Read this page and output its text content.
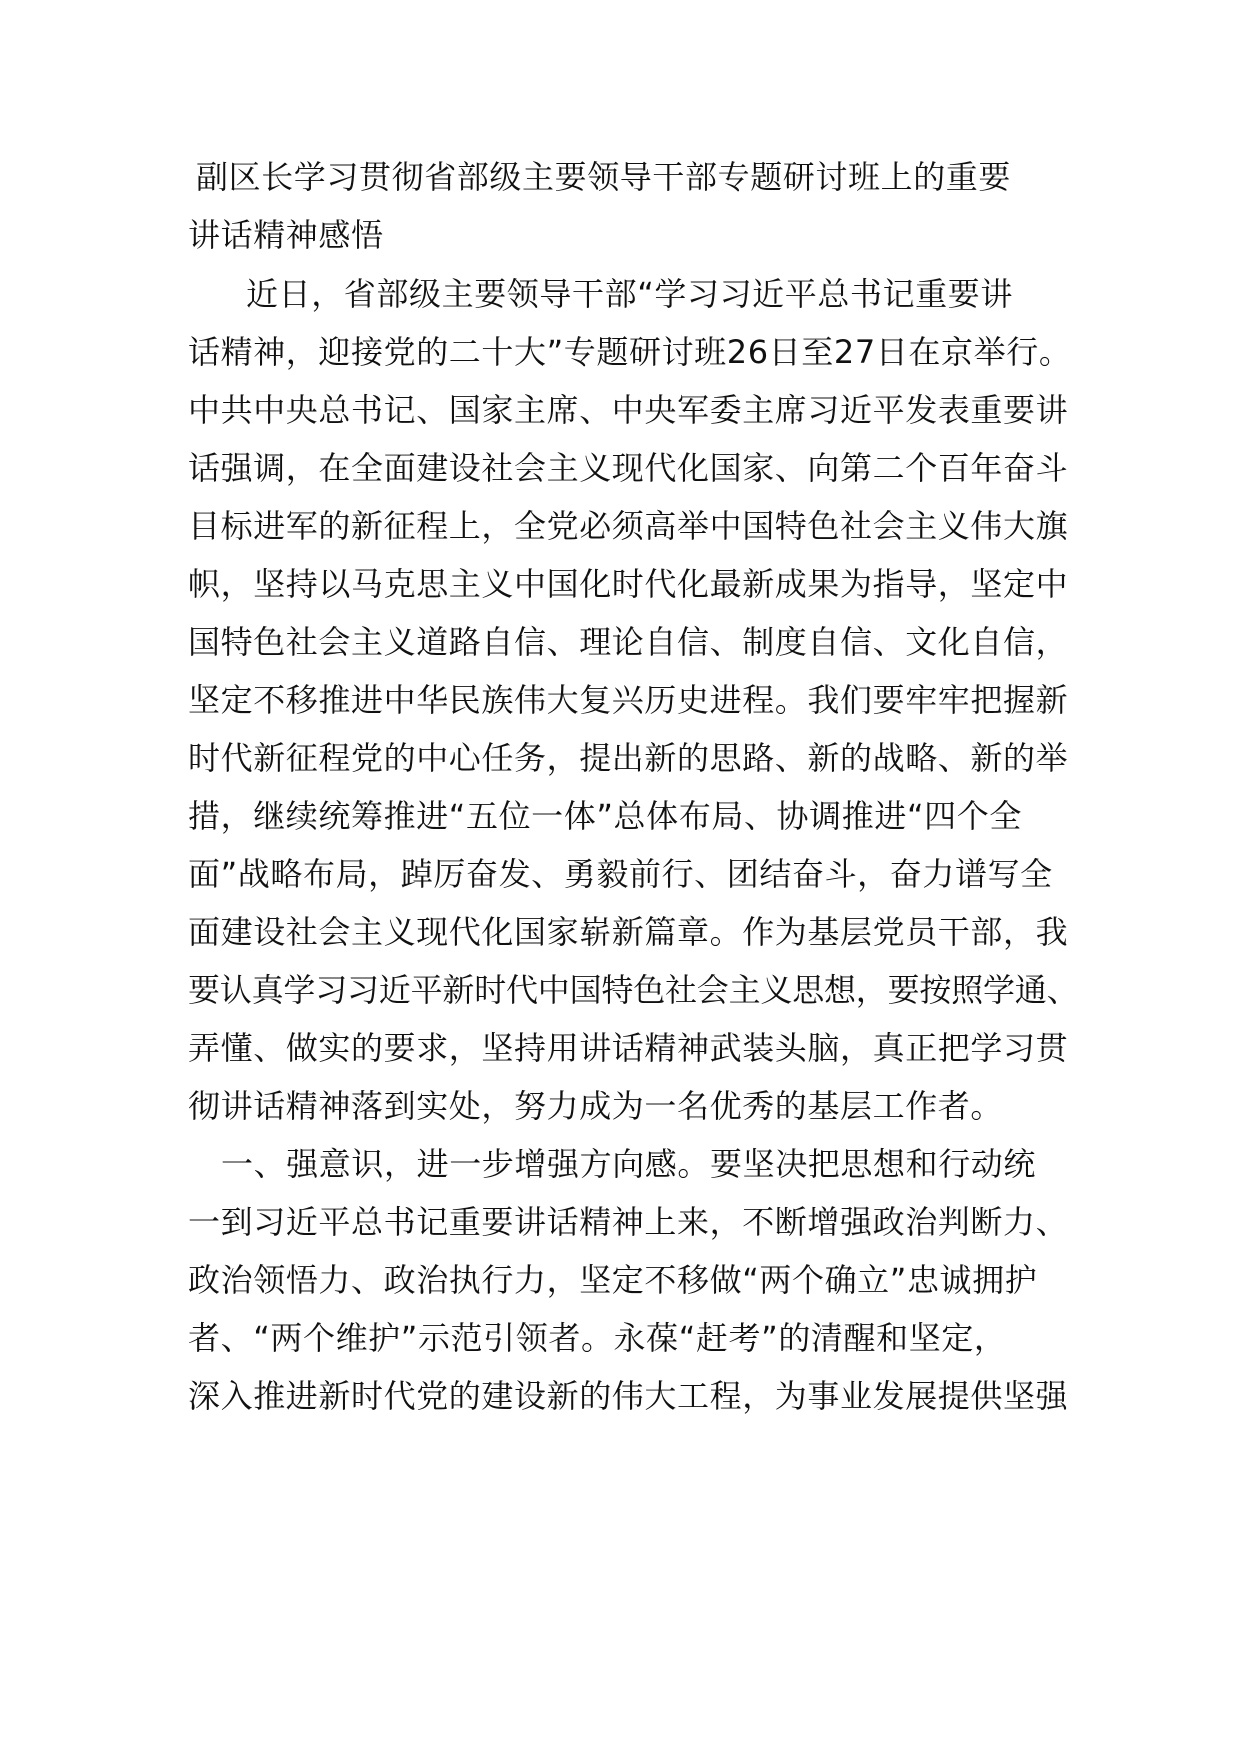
副区长学习贯彻省部级主要领导干部专题研讨班上的重要
讲话精神感悟
近日，省部级主要领导干部“学习习近平总书记重要讲
话精神，迎接党的二十大”专题研讨班26日至27日在京举行。
中共中央总书记、国家主席、中央军委主席习近平发表重要讲
话强调，在全面建设社会主义现代化国家、向第二个百年奋斗
目标进军的新征程上，全党必须高举中国特色社会主义伟大旗
帜，坚持以马克思主义中国化时代化最新成果为指导，坚定中
国特色社会主义道路自信、理论自信、制度自信、文化自信，
坚定不移推进中华民族伟大复兴历史进程。我们要牢牢把握新
时代新征程党的中心任务，提出新的思路、新的战略、新的举
措，继续统筹推进“五位一体”总体布局、协调推进“四个全
面”战略布局，踔厉奋发、勇毅前行、团结奋斗，奋力谱写全
面建设社会主义现代化国家崭新篇章。作为基层党员干部，我
要认真学习习近平新时代中国特色社会主义思想，要按照学通、
弄懂、做实的要求，坚持用讲话精神武装头脑，真正把学习贯
彻讲话精神落到实处，努力成为一名优秀的基层工作者。
一、强意识，进一步增强方向感。要坚决把思想和行动统
一到习近平总书记重要讲话精神上来，不断增强政治判断力、
政治领悟力、政治执行力，坚定不移做“两个确立”忠诚拥护
者、“两个维护”示范引领者。永葆“赶考”的清醒和坚定，
深入推进新时代党的建设新的伟大工程，为事业发展提供坚强
